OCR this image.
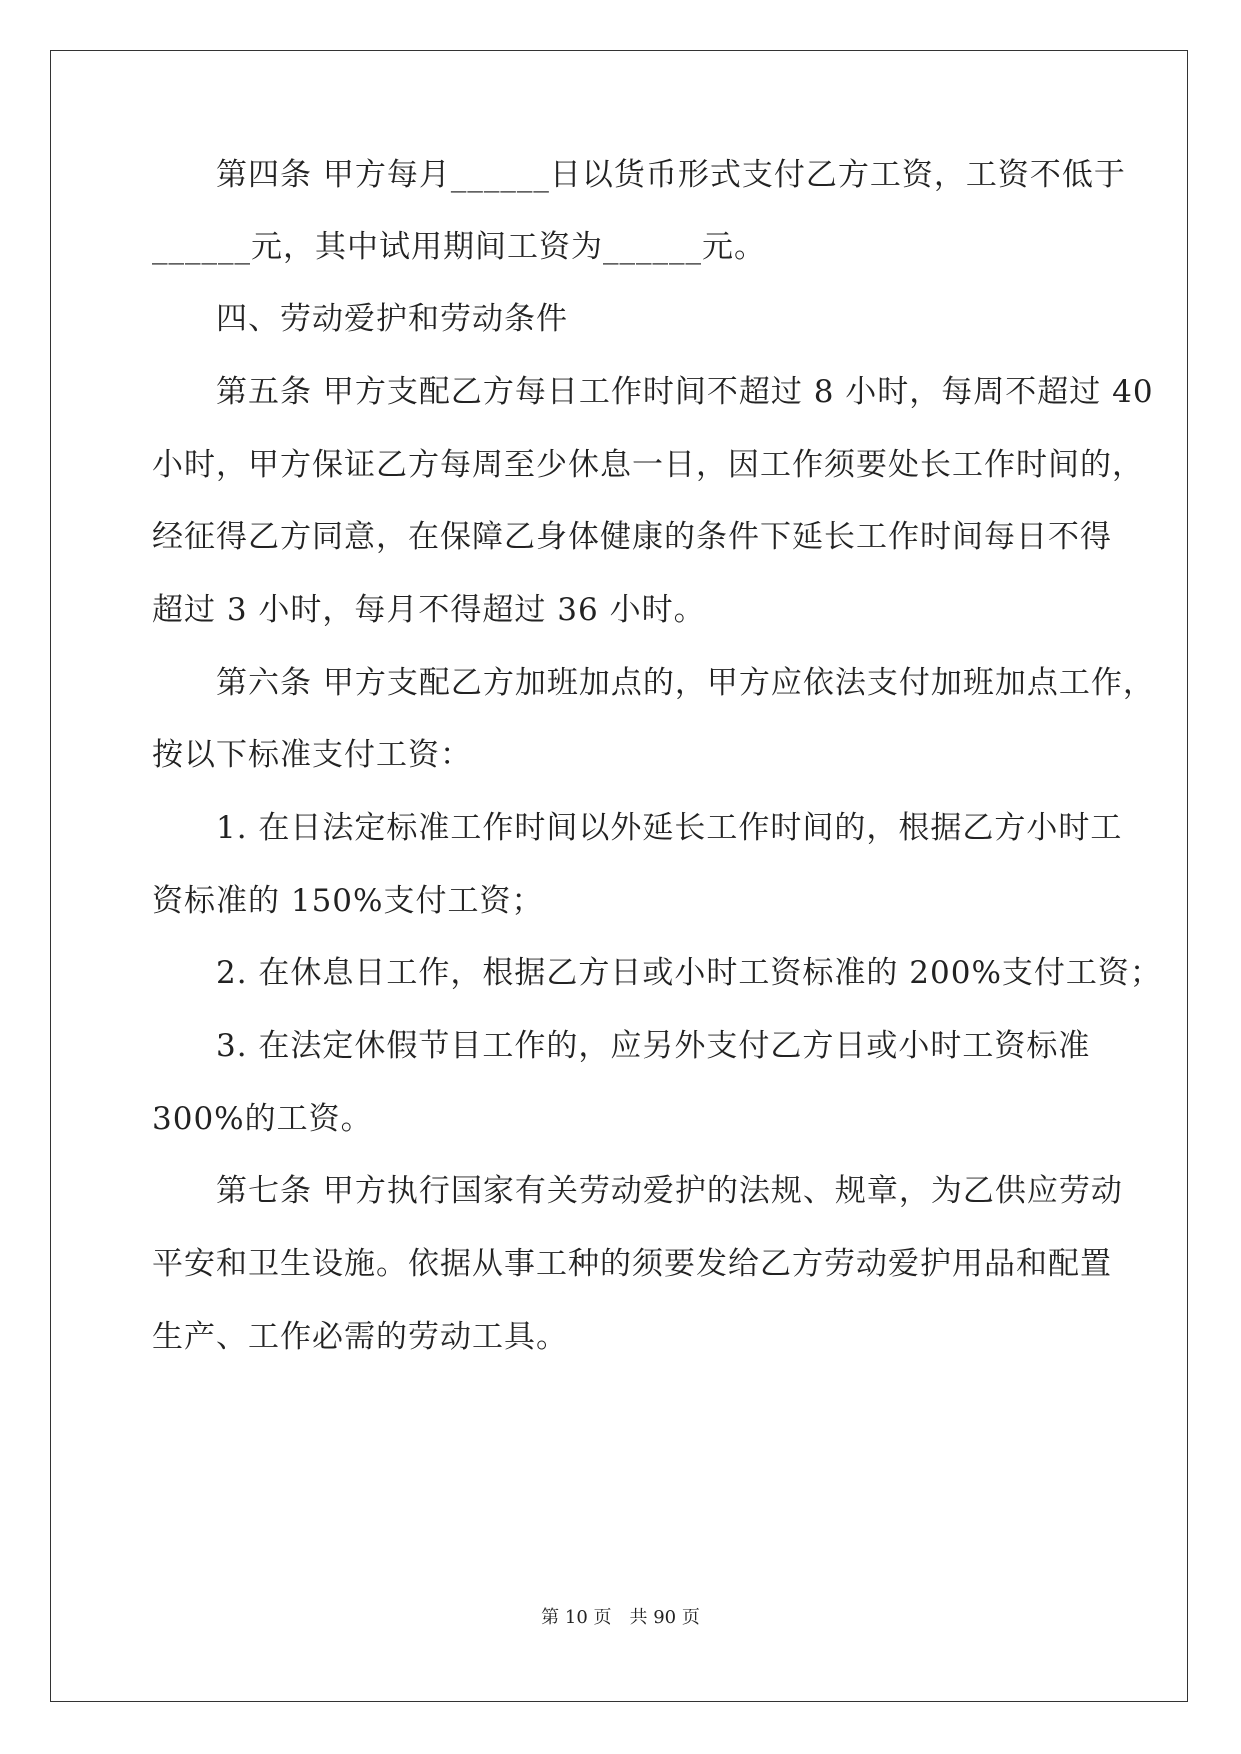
第四条 甲方每月______日以货币形式支付乙方工资，工资不低于
______元，其中试用期间工资为______元。
四、劳动爱护和劳动条件
第五条 甲方支配乙方每日工作时间不超过 8 小时，每周不超过 40
小时，甲方保证乙方每周至少休息一日，因工作须要处长工作时间的，
经征得乙方同意，在保障乙身体健康的条件下延长工作时间每日不得
超过 3 小时，每月不得超过 36 小时。
第六条 甲方支配乙方加班加点的，甲方应依法支付加班加点工作，
按以下标准支付工资：
1. 在日法定标准工作时间以外延长工作时间的，根据乙方小时工
资标准的 150%支付工资；
2. 在休息日工作，根据乙方日或小时工资标准的 200%支付工资；
3. 在法定休假节目工作的，应另外支付乙方日或小时工资标准
300%的工资。
第七条 甲方执行国家有关劳动爱护的法规、规章，为乙供应劳动
平安和卫生设施。依据从事工种的须要发给乙方劳动爱护用品和配置
生产、工作必需的劳动工具。
第 10 页 共 90 页
